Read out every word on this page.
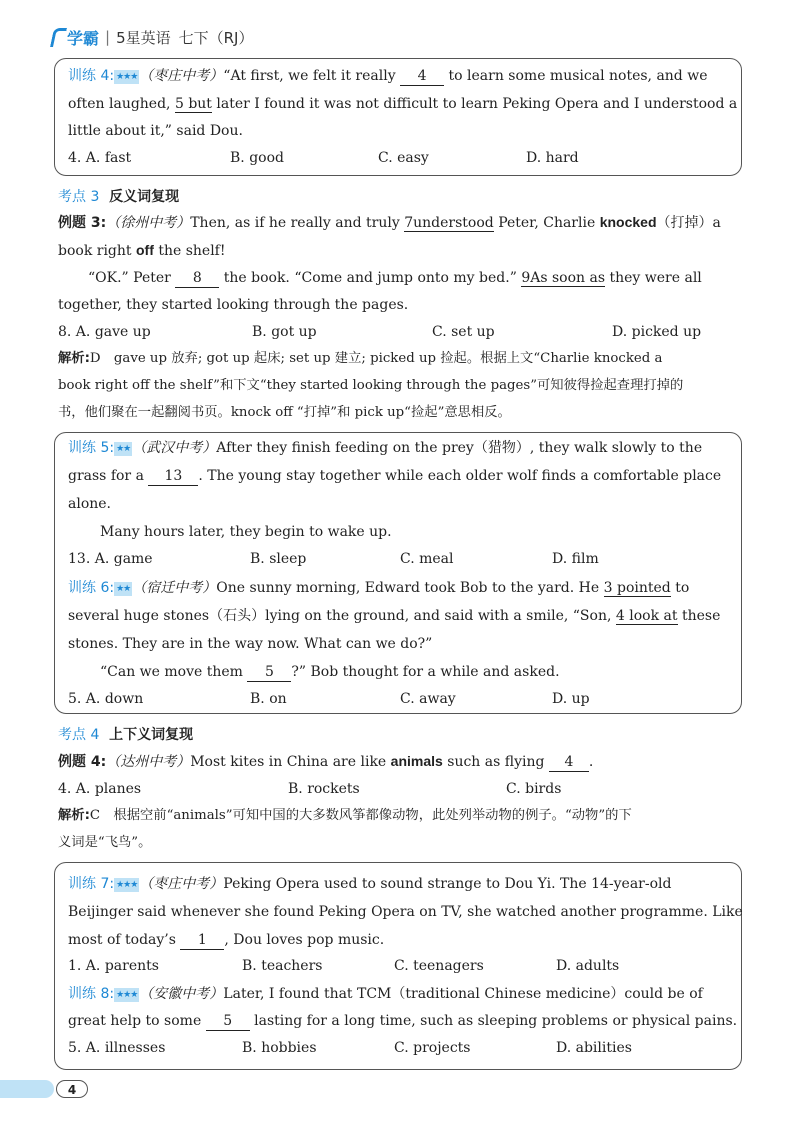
学霸 | 5星英语 七下（RJ）
训练 4: ★★★ （枣庄中考）“At first, we felt it really 4 to learn some musical notes, and we
often laughed, 5 but later I found it was not difficult to learn Peking Opera and I understood a
little about it,” said Dou.
4. A. fast	B. good	C. easy	D. hard
考点 3 反义词复现
例题 3:（徐州中考）Then, as if he really and truly 7understood Peter, Charlie knocked（打掉）a
book right off the shelf!
“OK.” Peter 8 the book. “Come and jump onto my bed.” 9As soon as they were all
together, they started looking through the pages.
8. A. gave up	B. got up	C. set up	D. picked up
解析:D　gave up 放弃; got up 起床; set up 建立; picked up 捡起。根据上文“Charlie knocked a
book right off the shelf”和下文“they started looking through the pages”可知彼得捡起查理打掉的
书，他们聚在一起翻阅书页。knock off “打掉”和 pick up“捡起”意思相反。
训练 5: ★★ （武汉中考）After they finish feeding on the prey（猎物）, they walk slowly to the
grass for a 13 . The young stay together while each older wolf finds a comfortable place
alone.
Many hours later, they begin to wake up.
13. A. game	B. sleep	C. meal	D. film
训练 6: ★★ （宿迁中考）One sunny morning, Edward took Bob to the yard. He 3 pointed to
several huge stones（石头）lying on the ground, and said with a smile, “Son, 4 look at these
stones. They are in the way now. What can we do?”
“Can we move them 5 ?” Bob thought for a while and asked.
5. A. down	B. on	C. away	D. up
考点 4 上下义词复现
例题 4:（达州中考）Most kites in China are like animals such as flying 4 .
4. A. planes	B. rockets	C. birds
解析:C　根据空前“animals”可知中国的大多数风筝都像动物，此处列举动物的例子。“动物”的下
义词是“飞鸟”。
训练 7: ★★★ （枣庄中考）Peking Opera used to sound strange to Dou Yi. The 14-year-old
Beijinger said whenever she found Peking Opera on TV, she watched another programme. Like
most of today’s 1 , Dou loves pop music.
1. A. parents	B. teachers	C. teenagers	D. adults
训练 8: ★★★ （安徽中考）Later, I found that TCM（traditional Chinese medicine）could be of
great help to some 5 lasting for a long time, such as sleeping problems or physical pains.
5. A. illnesses	B. hobbies	C. projects	D. abilities
4
